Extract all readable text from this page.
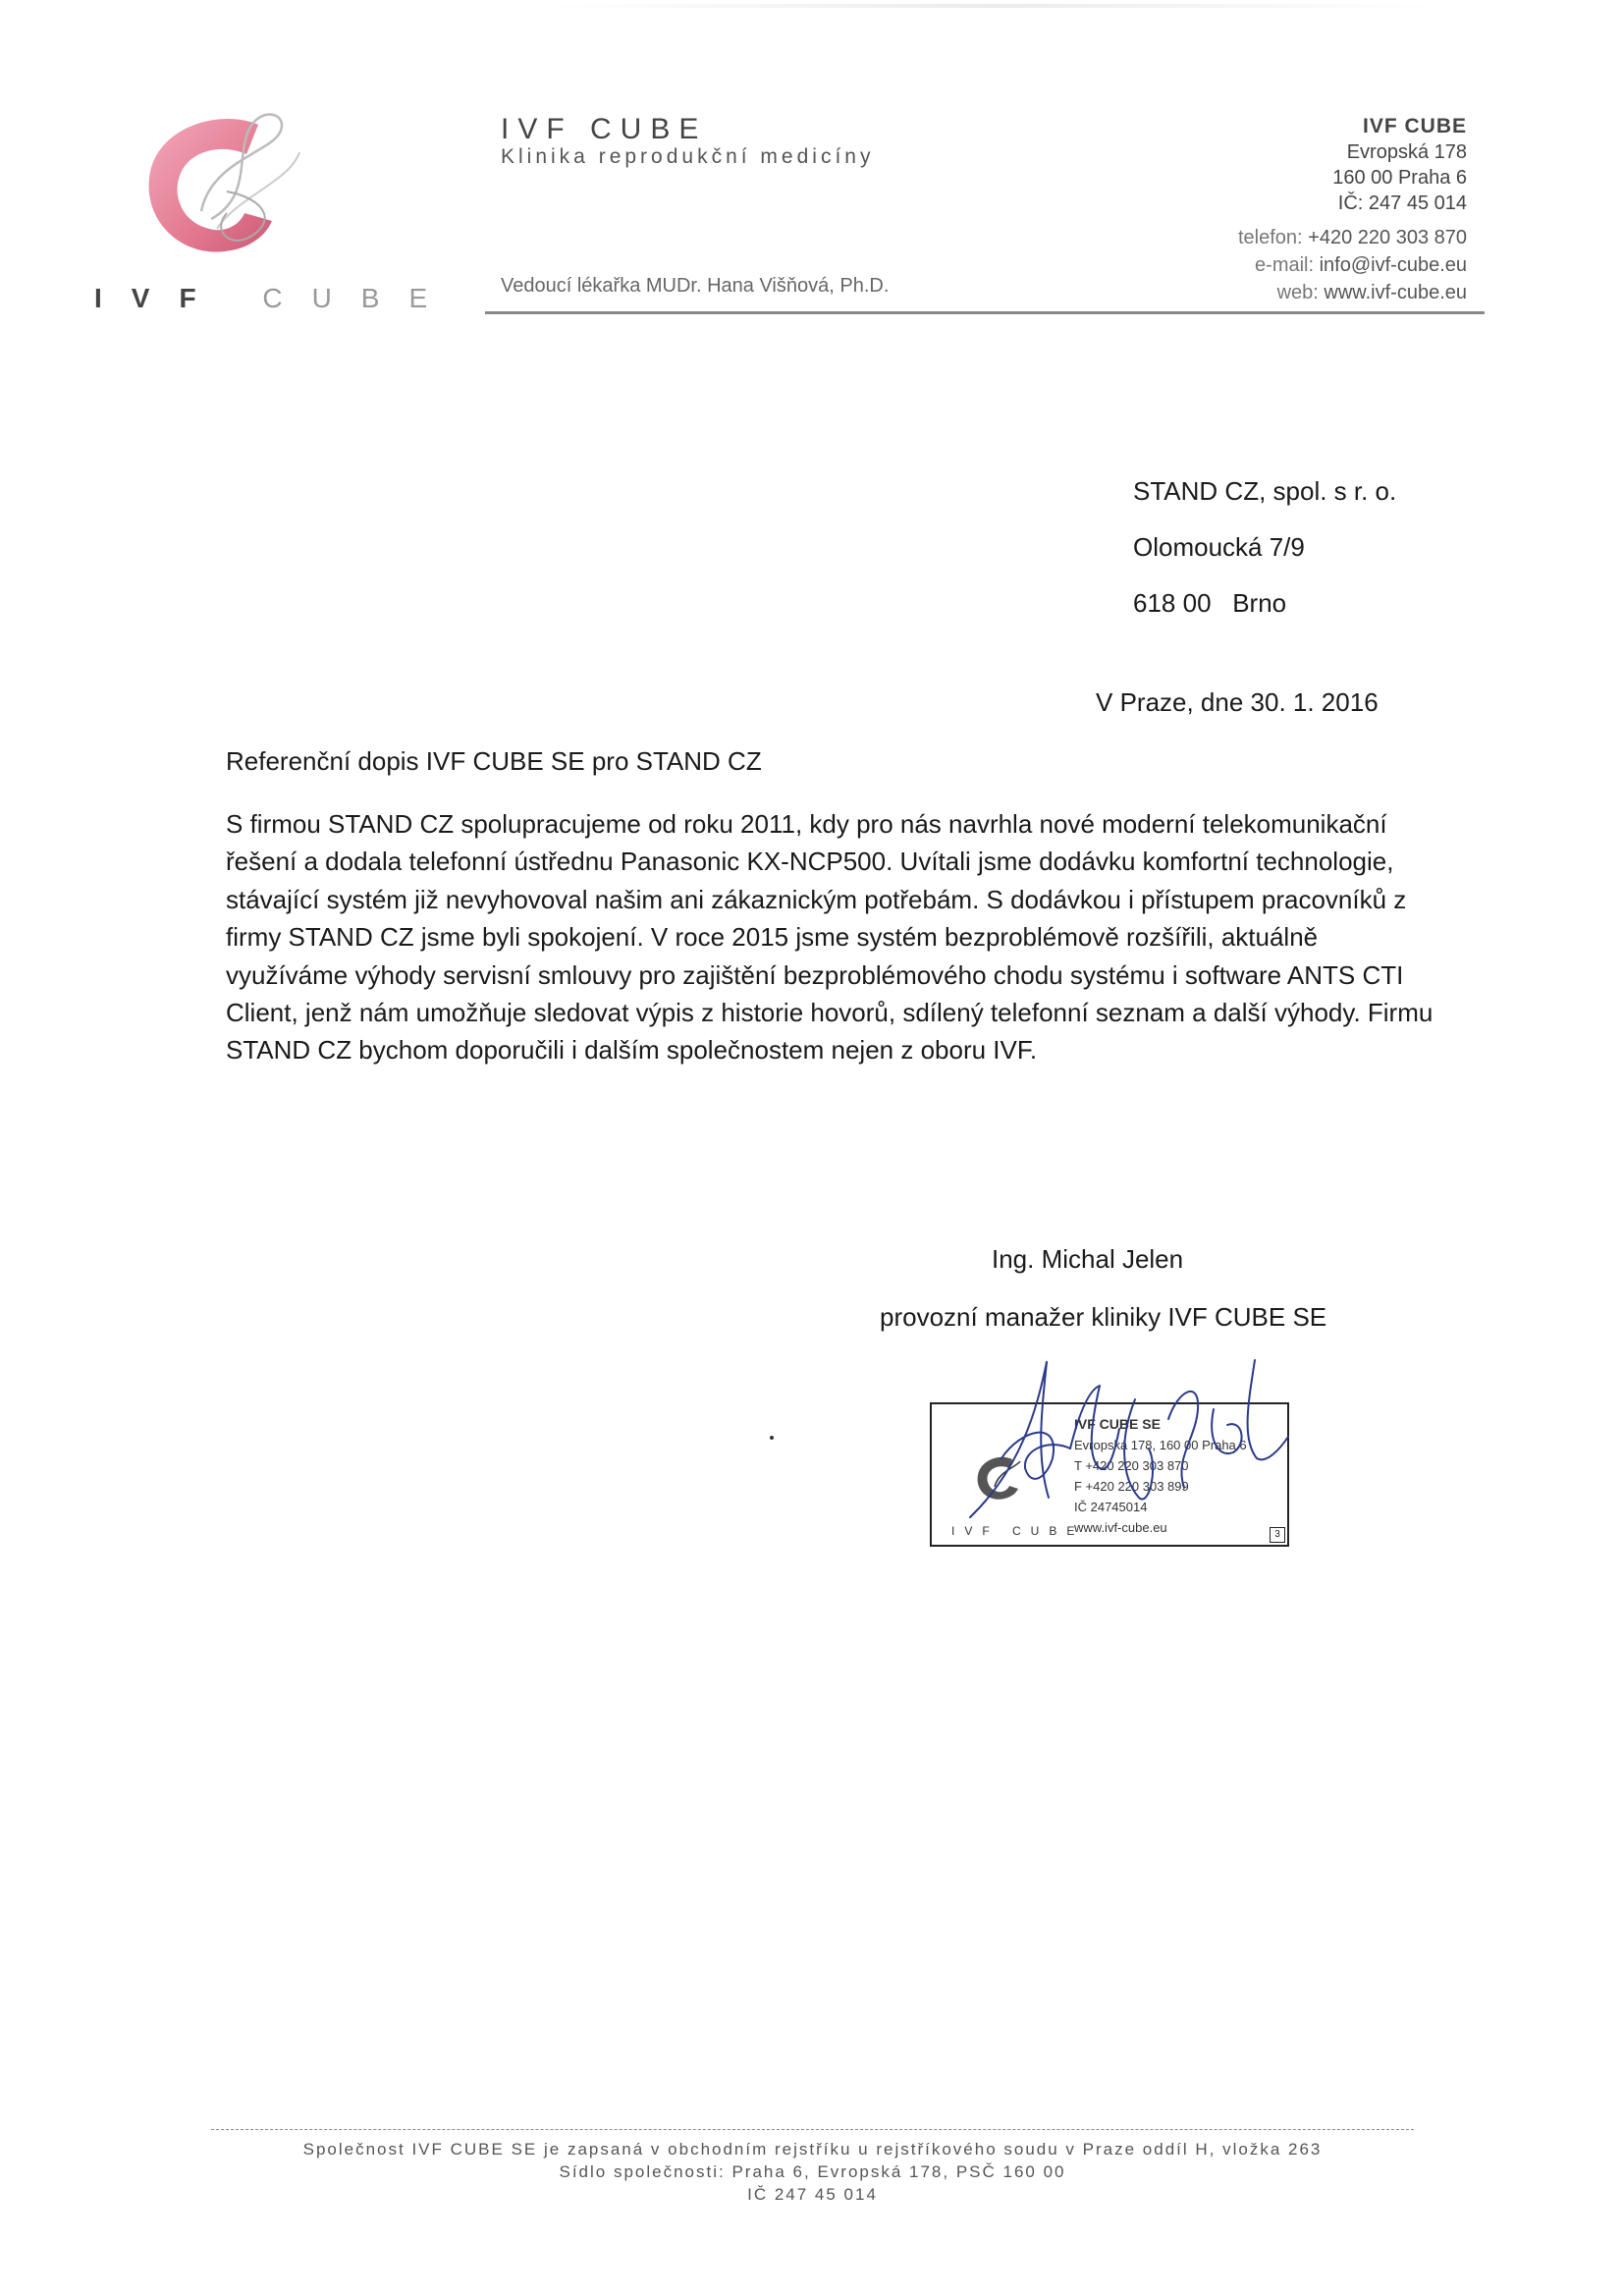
IVF CUBE
IVF CUBE
Klinika reprodukční medicíny
Vedoucí lékařka MUDr. Hana Višňová, Ph.D.
IVF CUBE
Evropská 178
160 00 Praha 6
IČ: 247 45 014
telefon: +420 220 303 870
e-mail: info@ivf-cube.eu
web: www.ivf-cube.eu
STAND CZ, spol. s r. o.
Olomoucká 7/9
618 00   Brno
V Praze, dne 30. 1. 2016
Referenční dopis IVF CUBE SE pro STAND CZ
S firmou STAND CZ spolupracujeme od roku 2011, kdy pro nás navrhla nové moderní telekomunikační řešení a dodala telefonní ústřednu Panasonic KX-NCP500. Uvítali jsme dodávku komfortní technologie, stávající systém již nevyhovoval našim ani zákaznickým potřebám. S dodávkou i přístupem pracovníků z firmy STAND CZ jsme byli spokojení. V roce 2015 jsme systém bezproblémově rozšířili, aktuálně využíváme výhody servisní smlouvy pro zajištění bezproblémového chodu systému i software ANTS CTI Client, jenž nám umožňuje sledovat výpis z historie hovorů, sdílený telefonní seznam a další výhody. Firmu STAND CZ bychom doporučili i dalším společnostem nejen z oboru IVF.
Ing. Michal Jelen
provozní manažer kliniky IVF CUBE SE
IVF CUBE
IVF CUBE SE
Evropská 178, 160 00 Praha 6
T +420 220 303 870
F +420 220 303 899
IČ 24745014
www.ivf-cube.eu	3
Společnost IVF CUBE SE je zapsaná v obchodním rejstříku u rejstříkového soudu v Praze oddíl H, vložka 263
Sídlo společnosti: Praha 6, Evropská 178, PSČ 160 00
IČ 247 45 014
